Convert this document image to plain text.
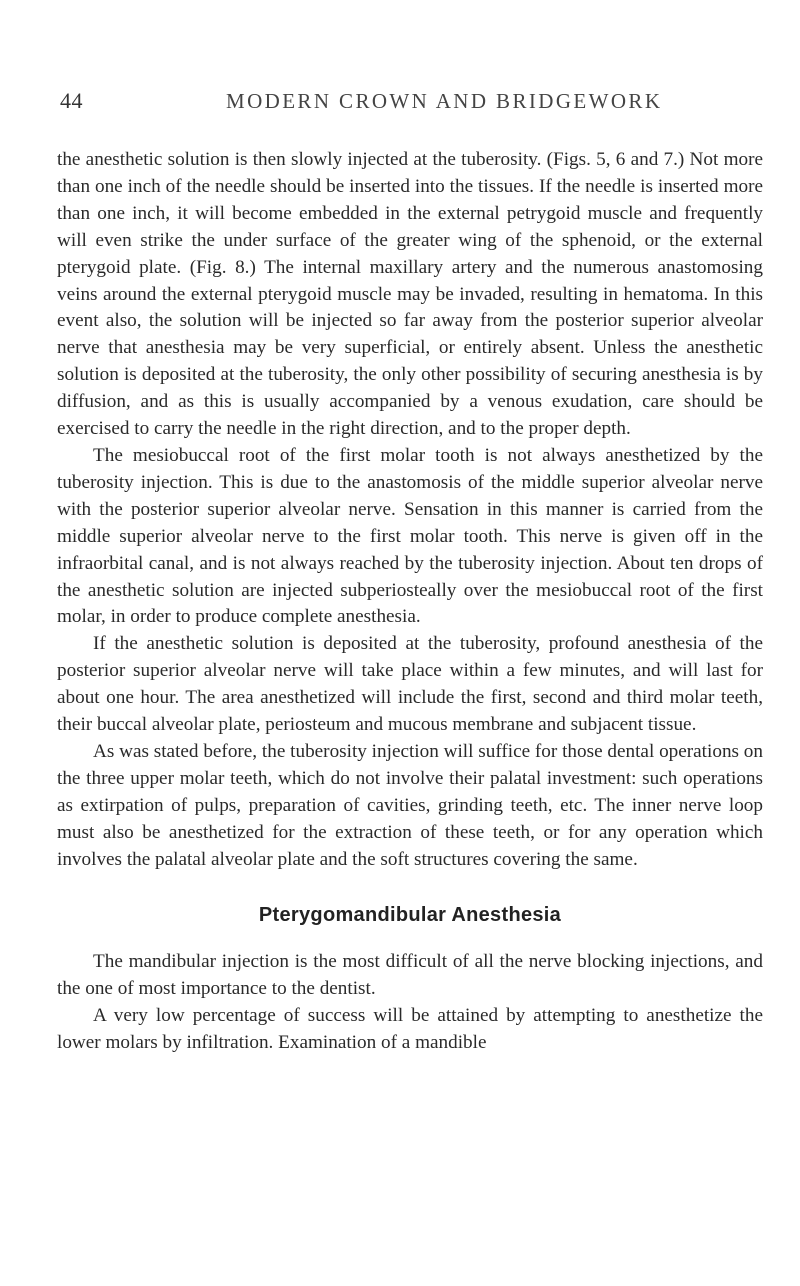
44	MODERN CROWN AND BRIDGEWORK

the anesthetic solution is then slowly injected at the tuberosity. (Figs. 5, 6 and 7.) Not more than one inch of the needle should be inserted into the tissues. If the needle is inserted more than one inch, it will become embedded in the external petrygoid muscle and frequently will even strike the under surface of the greater wing of the sphenoid, or the external pterygoid plate. (Fig. 8.) The internal maxillary artery and the numerous anastomosing veins around the external pterygoid muscle may be invaded, resulting in hematoma. In this event also, the solution will be injected so far away from the posterior superior alveolar nerve that anesthesia may be very superficial, or entirely absent. Unless the anesthetic solution is deposited at the tuberosity, the only other possibility of securing anesthesia is by diffusion, and as this is usually accompanied by a venous exudation, care should be exercised to carry the needle in the right direction, and to the proper depth.

The mesiobuccal root of the first molar tooth is not always anesthetized by the tuberosity injection. This is due to the anastomosis of the middle superior alveolar nerve with the posterior superior alveolar nerve. Sensation in this manner is carried from the middle superior alveolar nerve to the first molar tooth. This nerve is given off in the infraorbital canal, and is not always reached by the tuberosity injection. About ten drops of the anesthetic solution are injected subperiosteally over the mesiobuccal root of the first molar, in order to produce complete anesthesia.

If the anesthetic solution is deposited at the tuberosity, profound anesthesia of the posterior superior alveolar nerve will take place within a few minutes, and will last for about one hour. The area anesthetized will include the first, second and third molar teeth, their buccal alveolar plate, periosteum and mucous membrane and subjacent tissue.

As was stated before, the tuberosity injection will suffice for those dental operations on the three upper molar teeth, which do not involve their palatal investment: such operations as extirpation of pulps, preparation of cavities, grinding teeth, etc. The inner nerve loop must also be anesthetized for the extraction of these teeth, or for any operation which involves the palatal alveolar plate and the soft structures covering the same.

Pterygomandibular Anesthesia

The mandibular injection is the most difficult of all the nerve blocking injections, and the one of most importance to the dentist.

A very low percentage of success will be attained by attempting to anesthetize the lower molars by infiltration. Examination of a mandible
